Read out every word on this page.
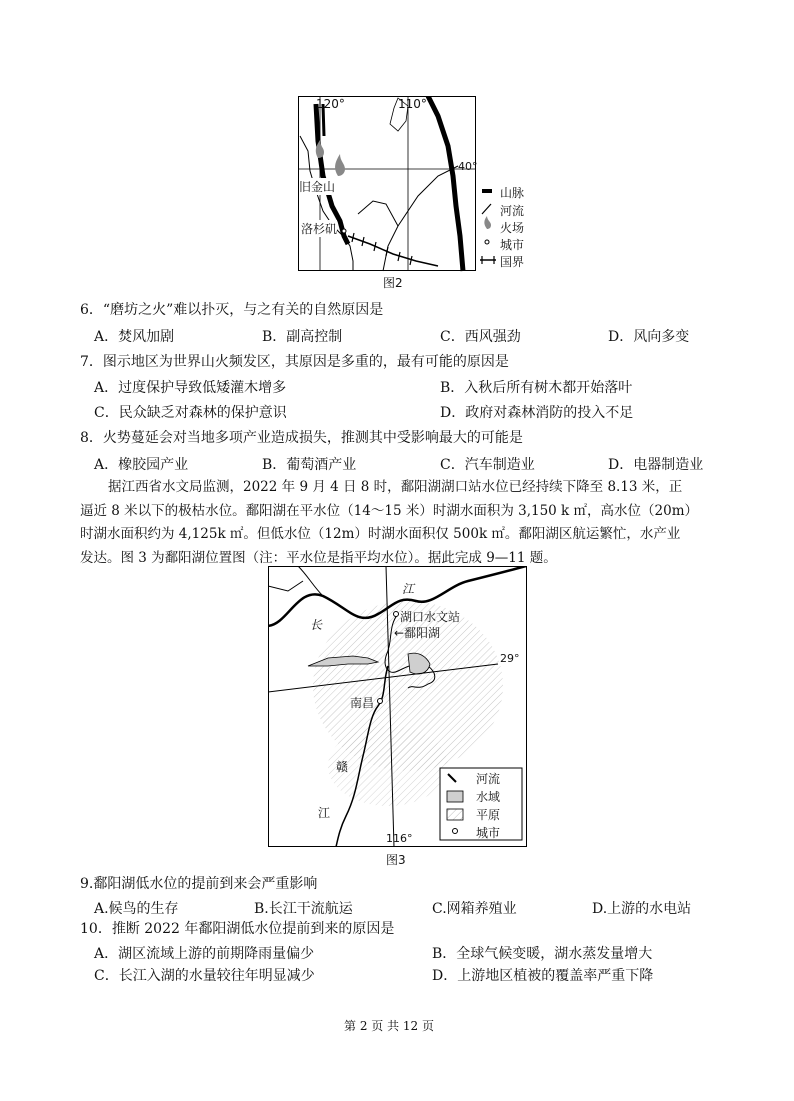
120°	110°
40°
旧金山
洛杉矶
山脉
河流
火场
城市
国界
图2
6．“磨坊之火”难以扑灭，与之有关的自然原因是
A．焚风加剧	B．副高控制	C．西风强劲	D．风向多变
7．图示地区为世界山火频发区，其原因是多重的，最有可能的原因是
A．过度保护导致低矮灌木增多	B．入秋后所有树木都开始落叶
C．民众缺乏对森林的保护意识	D．政府对森林消防的投入不足
8．火势蔓延会对当地多项产业造成损失，推测其中受影响最大的可能是
A．橡胶园产业	B．葡萄酒产业	C．汽车制造业	D．电器制造业
据江西省水文局监测，2022 年 9 月 4 日 8 时，鄱阳湖湖口站水位已经持续下降至 8.13 米，正
逼近 8 米以下的极枯水位。鄱阳湖在平水位（14～15 米）时湖水面积为 3,150 k ㎡，高水位（20m）
时湖水面积约为 4,125k ㎡。但低水位（12m）时湖水面积仅 500k ㎡。鄱阳湖区航运繁忙，水产业
发达。图 3 为鄱阳湖位置图（注：平水位是指平均水位）。据此完成 9—11 题。
江
长
湖口水文站
←鄱阳湖
29°
南昌
赣
江
116°
河流
水域
平原
城市
图3
9.鄱阳湖低水位的提前到来会严重影响
A.候鸟的生存	B.长江干流航运	C.网箱养殖业	D.上游的水电站
10．推断 2022 年鄱阳湖低水位提前到来的原因是
A．湖区流域上游的前期降雨量偏少	B．全球气候变暖，湖水蒸发量增大
C．长江入湖的水量较往年明显减少	D．上游地区植被的覆盖率严重下降
第 2 页 共 12 页
